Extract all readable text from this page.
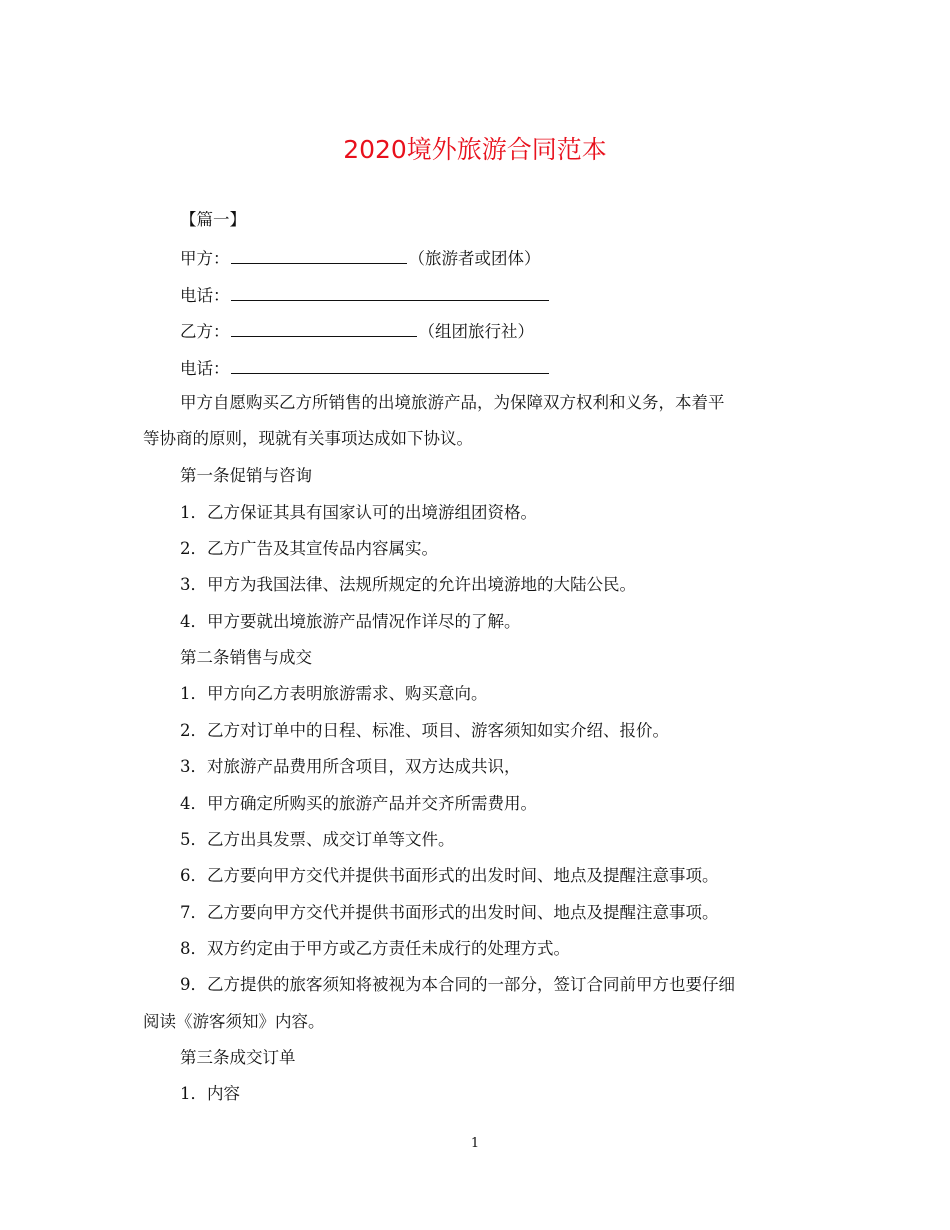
2020境外旅游合同范本
【篇一】
甲方：	（旅游者或团体）
电话：
乙方：	（组团旅行社）
电话：
甲方自愿购买乙方所销售的出境旅游产品，为保障双方权利和义务，本着平
等协商的原则，现就有关事项达成如下协议。
第一条促销与咨询
1．乙方保证其具有国家认可的出境游组团资格。
2．乙方广告及其宣传品内容属实。
3．甲方为我国法律、法规所规定的允许出境游地的大陆公民。
4．甲方要就出境旅游产品情况作详尽的了解。
第二条销售与成交
1．甲方向乙方表明旅游需求、购买意向。
2．乙方对订单中的日程、标准、项目、游客须知如实介绍、报价。
3．对旅游产品费用所含项目，双方达成共识，
4．甲方确定所购买的旅游产品并交齐所需费用。
5．乙方出具发票、成交订单等文件。
6．乙方要向甲方交代并提供书面形式的出发时间、地点及提醒注意事项。
7．乙方要向甲方交代并提供书面形式的出发时间、地点及提醒注意事项。
8．双方约定由于甲方或乙方责任未成行的处理方式。
9．乙方提供的旅客须知将被视为本合同的一部分，签订合同前甲方也要仔细
阅读《游客须知》内容。
第三条成交订单
1．内容
1
